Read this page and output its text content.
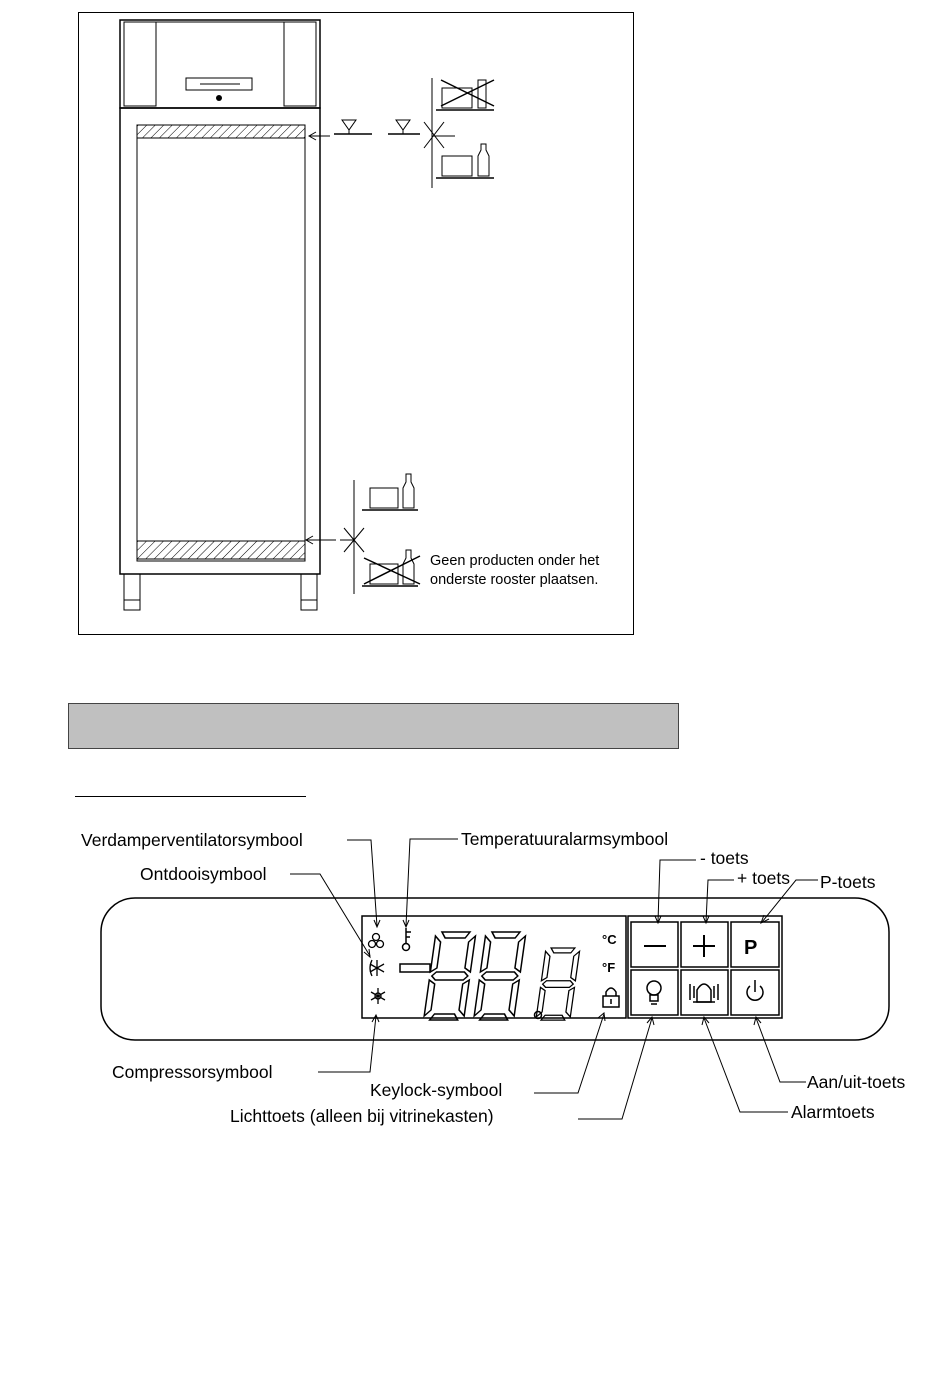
Geen producten onder het
onderste rooster plaatsen.
°C
°F
P
Verdamperventilatorsymbool
Ontdooisymbool
Temperatuuralarmsymbool
- toets
+ toets P-toets
Compressorsymbool
Keylock-symbool
Lichttoets (alleen bij vitrinekasten)
Aan/uit-toets
Alarmtoets
